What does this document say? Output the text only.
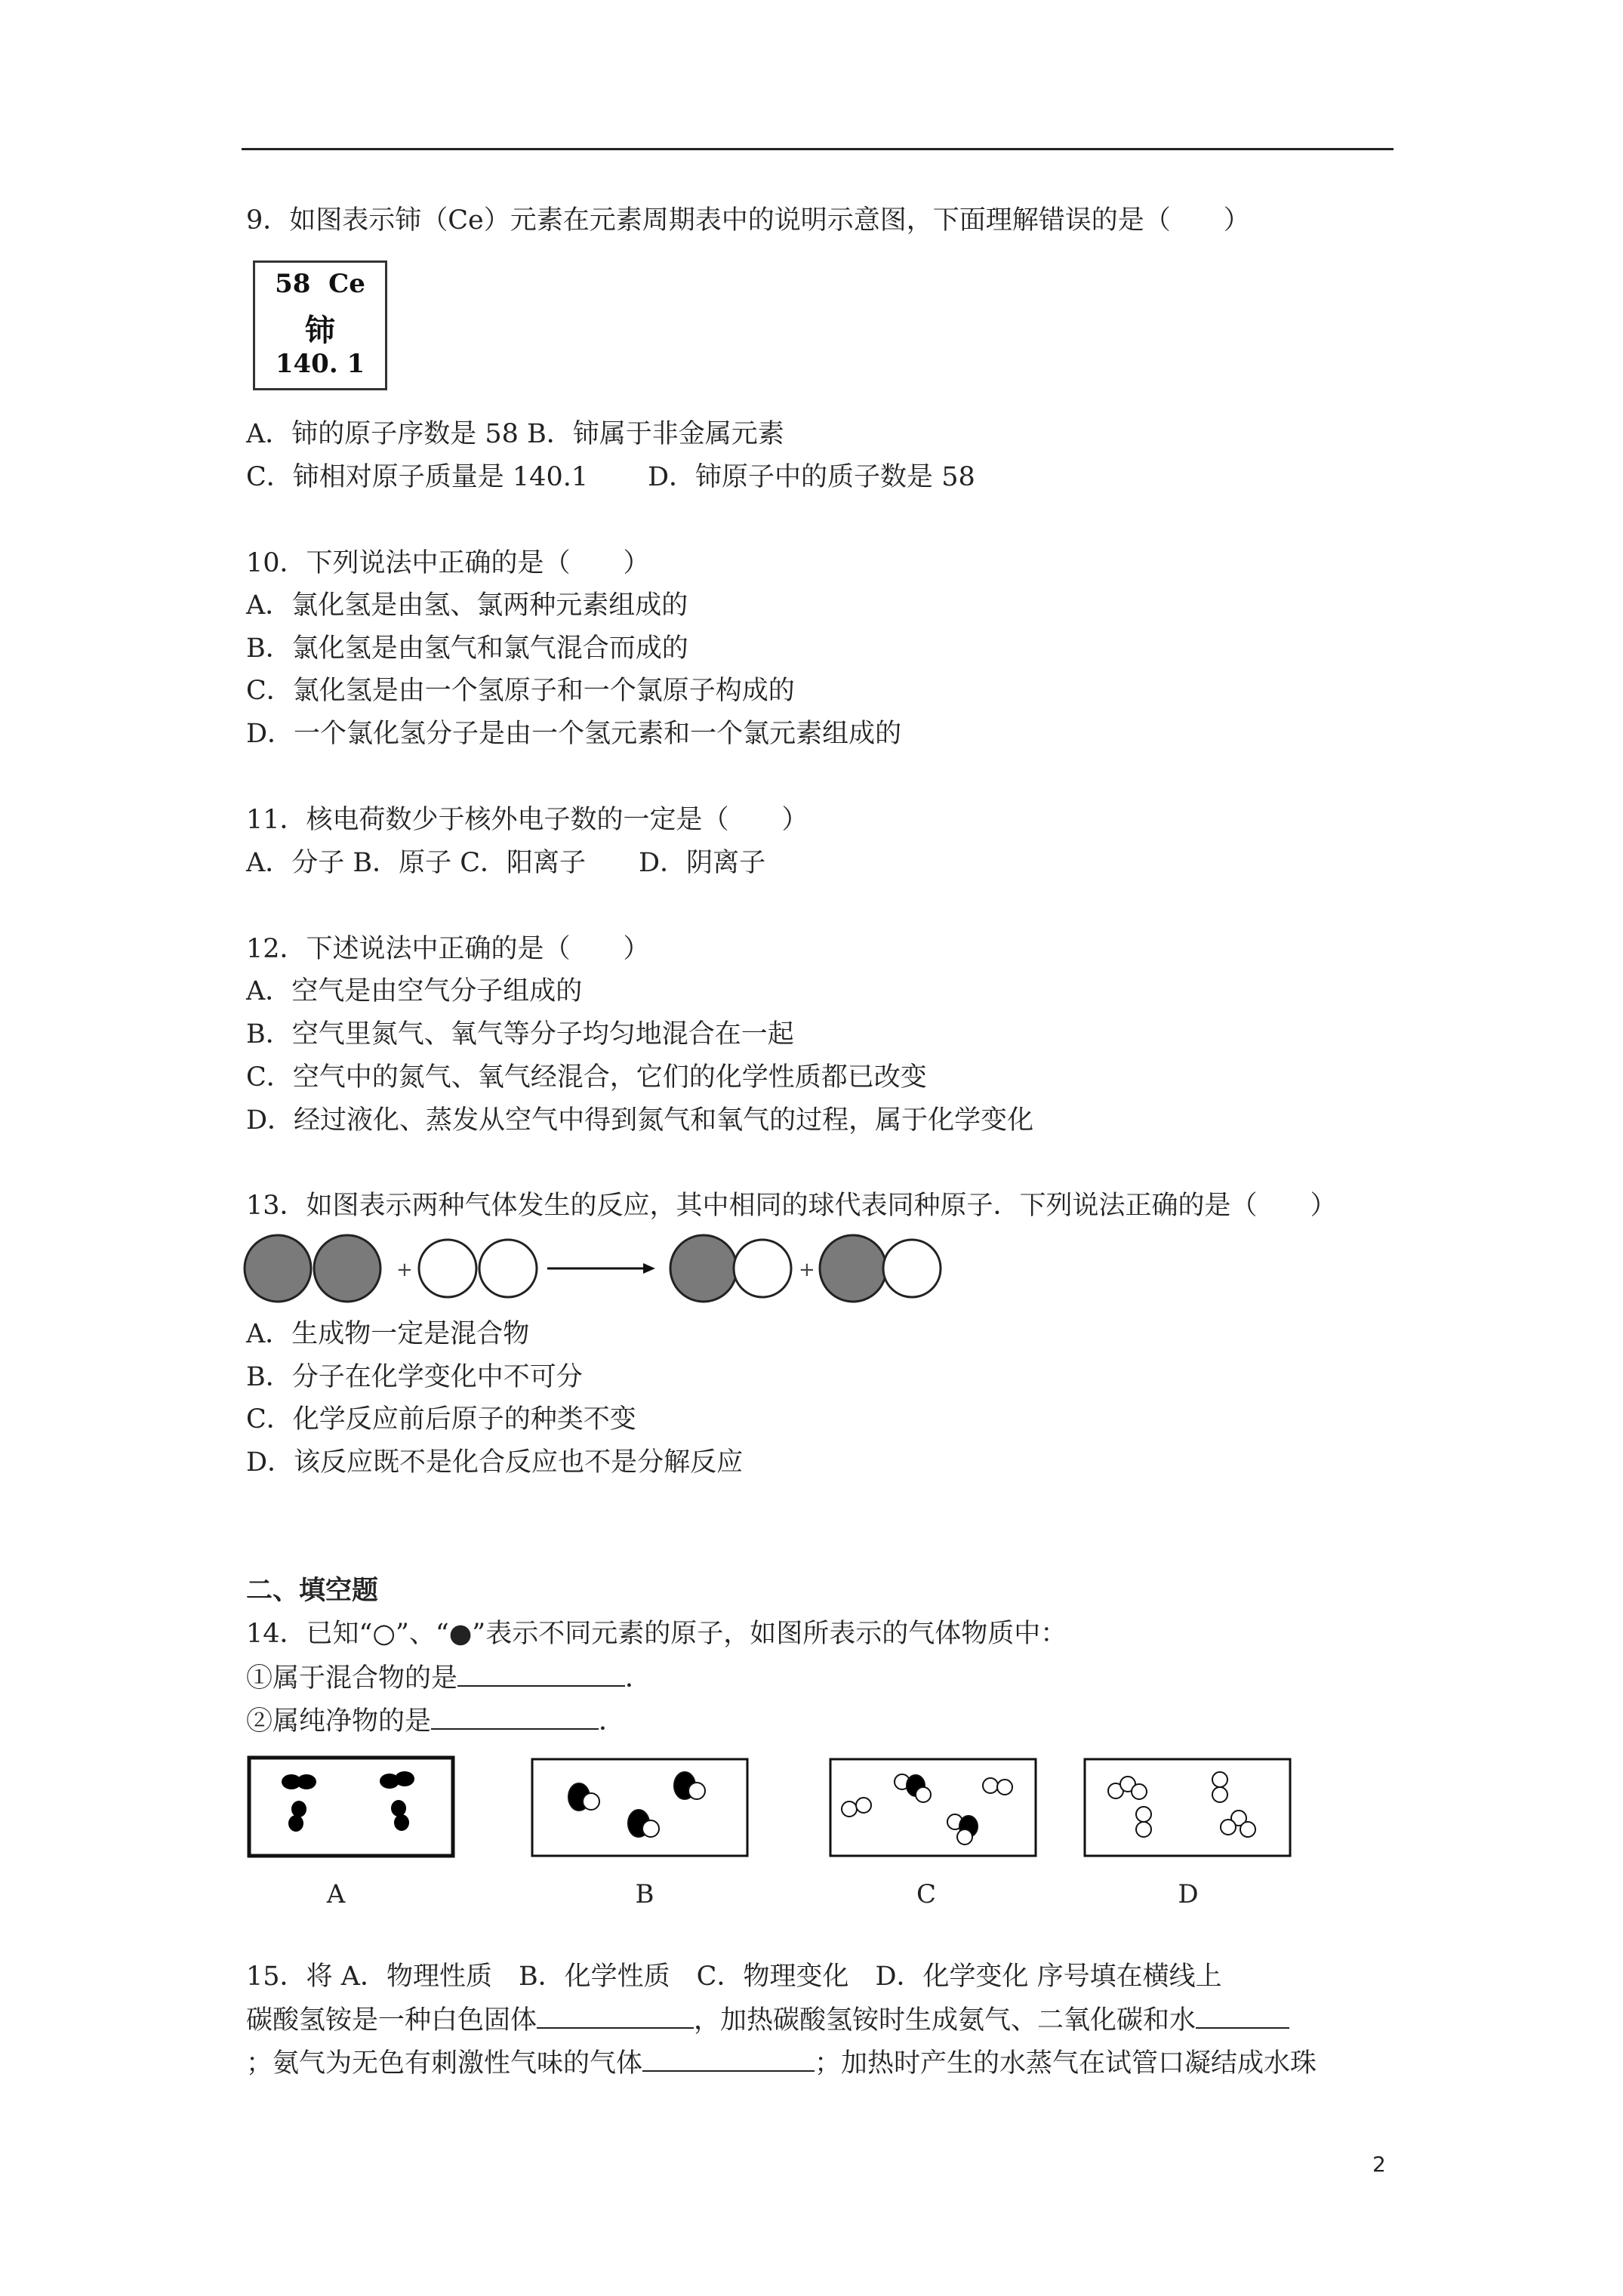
9．如图表示铈（Ce）元素在元素周期表中的说明示意图，下面理解错误的是（　　）
58 Ce
铈
140. 1
A．铈的原子序数是 58 B．铈属于非金属元素
C．铈相对原子质量是 140.1 D．铈原子中的质子数是 58
10．下列说法中正确的是（　　）
A．氯化氢是由氢、氯两种元素组成的
B．氯化氢是由氢气和氯气混合而成的
C．氯化氢是由一个氢原子和一个氯原子构成的
D．一个氯化氢分子是由一个氢元素和一个氯元素组成的
11．核电荷数少于核外电子数的一定是（　　）
A．分子 B．原子 C．阳离子　　D．阴离子
12．下述说法中正确的是（　　）
A．空气是由空气分子组成的
B．空气里氮气、氧气等分子均匀地混合在一起
C．空气中的氮气、氧气经混合，它们的化学性质都已改变
D．经过液化、蒸发从空气中得到氮气和氧气的过程，属于化学变化
13．如图表示两种气体发生的反应，其中相同的球代表同种原子．下列说法正确的是（　　）
+	+
A．生成物一定是混合物
B．分子在化学变化中不可分
C．化学反应前后原子的种类不变
D．该反应既不是化合反应也不是分解反应
二、填空题
14．已知“○”、“●”表示不同元素的原子，如图所表示的气体物质中：
①属于混合物的是	．
②属纯净物的是	．
A	B	C	D
15．将 A．物理性质　B．化学性质　C．物理变化　D．化学变化 序号填在横线上
碳酸氢铵是一种白色固体	，加热碳酸氢铵时生成氨气、二氧化碳和水
；氨气为无色有刺激性气味的气体	；加热时产生的水蒸气在试管口凝结成水珠
2
